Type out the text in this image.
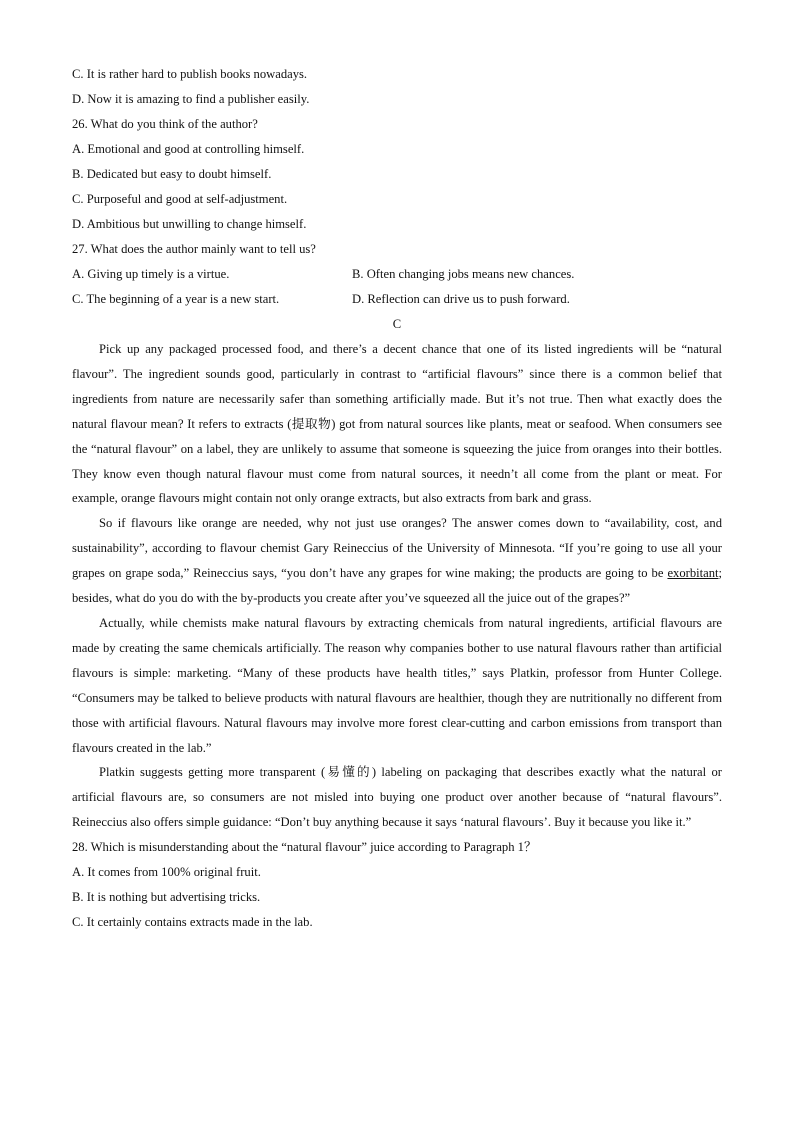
C. It is rather hard to publish books nowadays.
D. Now it is amazing to find a publisher easily.
26. What do you think of the author?
A. Emotional and good at controlling himself.
B. Dedicated but easy to doubt himself.
C. Purposeful and good at self-adjustment.
D. Ambitious but unwilling to change himself.
27. What does the author mainly want to tell us?
A. Giving up timely is a virtue.	B. Often changing jobs means new chances.
C. The beginning of a year is a new start.	D. Reflection can drive us to push forward.
C

Pick up any packaged processed food, and there’s a decent chance that one of its listed ingredients will be “natural flavour”. The ingredient sounds good, particularly in contrast to “artificial flavours” since there is a common belief that ingredients from nature are necessarily safer than something artificially made. But it’s not true. Then what exactly does the natural flavour mean? It refers to extracts (提取物) got from natural sources like plants, meat or seafood. When consumers see the “natural flavour” on a label, they are unlikely to assume that someone is squeezing the juice from oranges into their bottles. They know even though natural flavour must come from natural sources, it needn’t all come from the plant or meat. For example, orange flavours might contain not only orange extracts, but also extracts from bark and grass.

So if flavours like orange are needed, why not just use oranges? The answer comes down to “availability, cost, and sustainability”, according to flavour chemist Gary Reineccius of the University of Minnesota. “If you’re going to use all your grapes on grape soda,” Reineccius says, “you don’t have any grapes for wine making; the products are going to be exorbitant; besides, what do you do with the by-products you create after you’ve squeezed all the juice out of the grapes?”

Actually, while chemists make natural flavours by extracting chemicals from natural ingredients, artificial flavours are made by creating the same chemicals artificially. The reason why companies bother to use natural flavours rather than artificial flavours is simple: marketing. “Many of these products have health titles,” says Platkin, professor from Hunter College. “Consumers may be talked to believe products with natural flavours are healthier, though they are nutritionally no different from those with artificial flavours. Natural flavours may involve more forest clear-cutting and carbon emissions from transport than flavours created in the lab.”

Platkin suggests getting more transparent (易懂的) labeling on packaging that describes exactly what the natural or artificial flavours are, so consumers are not misled into buying one product over another because of “natural flavours”. Reineccius also offers simple guidance: “Don’t buy anything because it says ‘natural flavours’. Buy it because you like it.”

28. Which is misunderstanding about the “natural flavour” juice according to Paragraph 1？
A. It comes from 100% original fruit.
B. It is nothing but advertising tricks.
C. It certainly contains extracts made in the lab.
